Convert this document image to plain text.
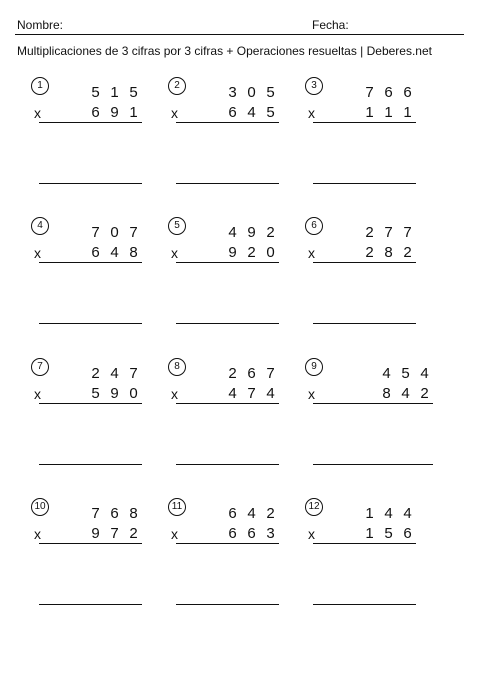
Nombre:	Fecha:
Multiplicaciones de 3 cifras por 3 cifras + Operaciones resueltas | Deberes.net
1	5 1 5
x	6 9 1
2	3 0 5
x	6 4 5
3	7 6 6
x	1 1 1
4	7 0 7
x	6 4 8
5	4 9 2
x	9 2 0
6	2 7 7
x	2 8 2
7	2 4 7
x	5 9 0
8	2 6 7
x	4 7 4
9	4 5 4
x	8 4 2
10	7 6 8
x	9 7 2
11	6 4 2
x	6 6 3
12	1 4 4
x	1 5 6
